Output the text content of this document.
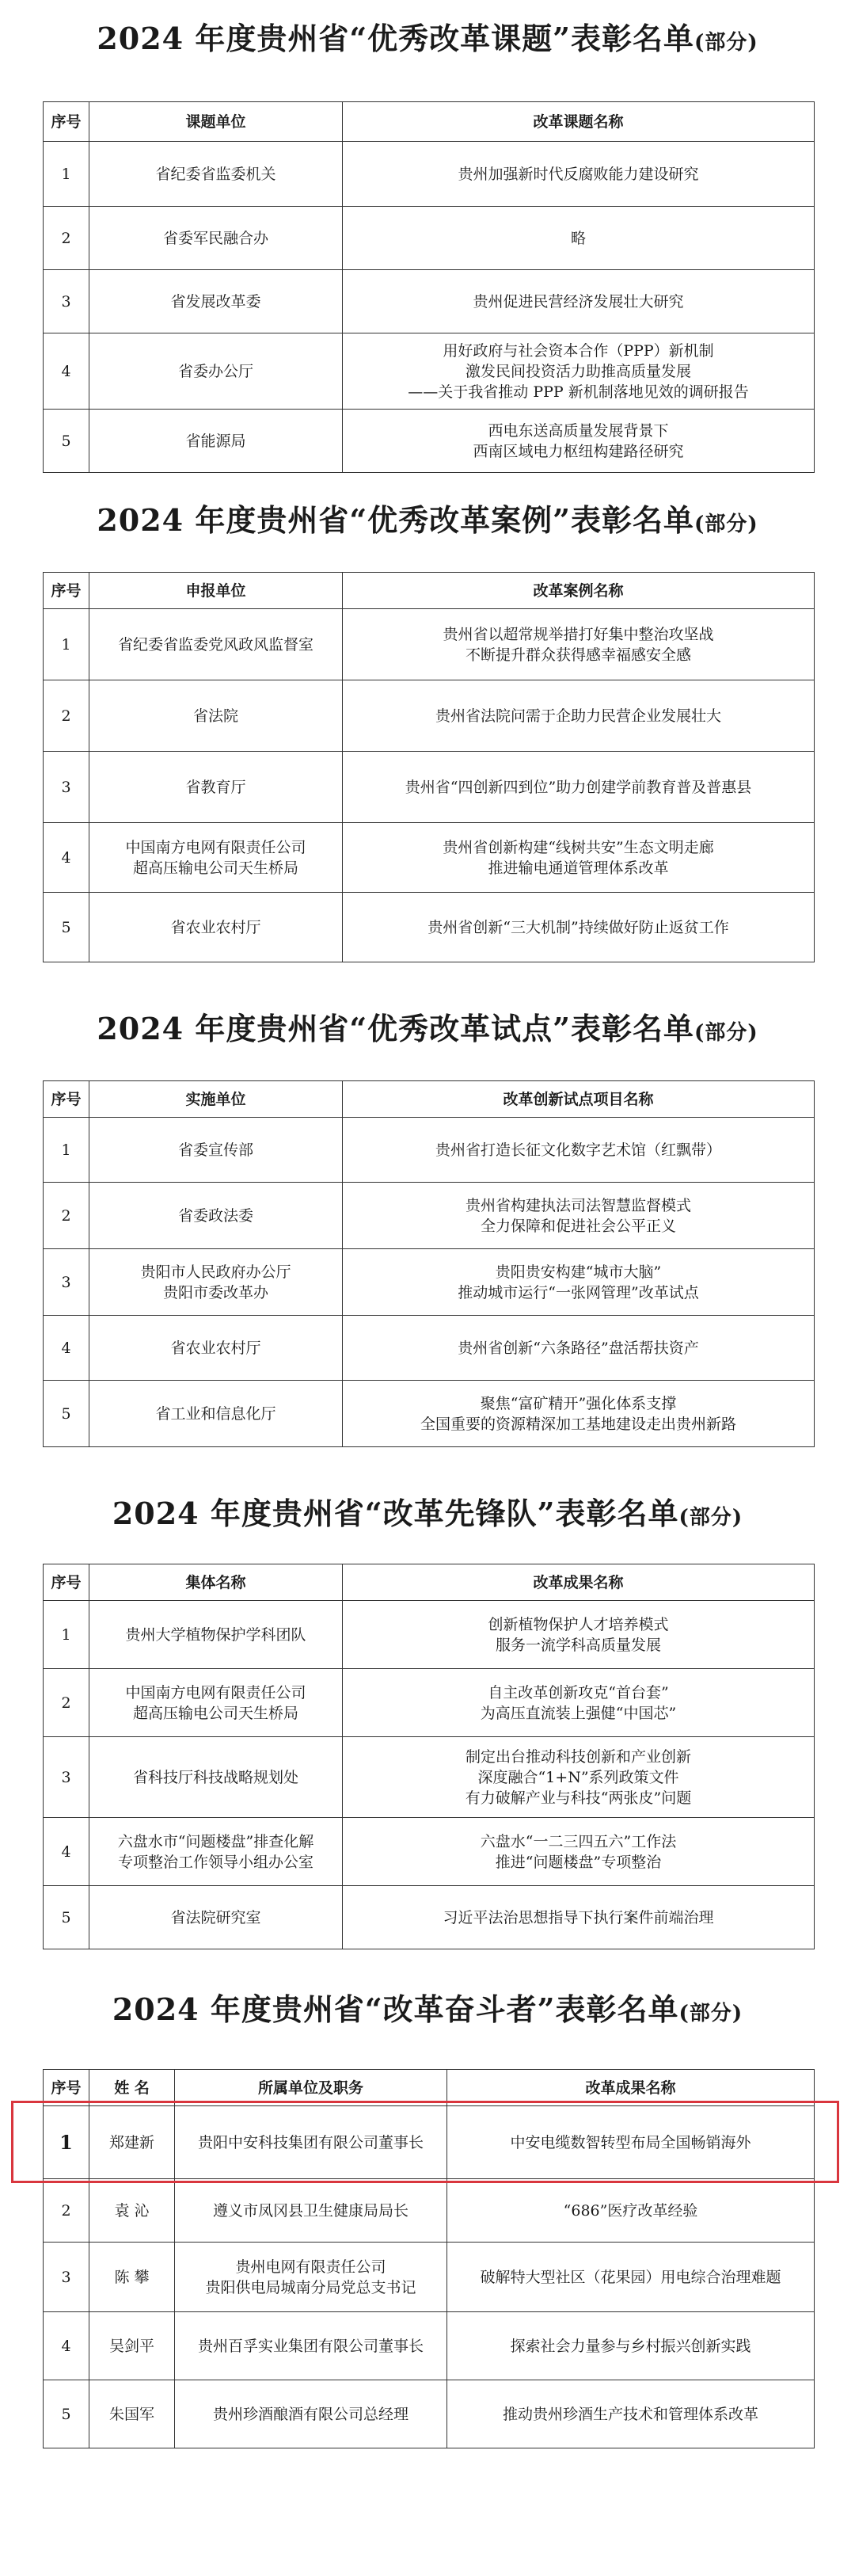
2024 年度贵州省“优秀改革课题”表彰名单(部分)
序号	课题单位	改革课题名称
1	省纪委省监委机关	贵州加强新时代反腐败能力建设研究

2	省委军民融合办	略

3	省发展改革委	贵州促进民营经济发展壮大研究

4	省委办公厅	用好政府与社会资本合作（PPP）新机制
激发民间投资活力助推高质量发展
——关于我省推动 PPP 新机制落地见效的调研报告

5	省能源局	西电东送高质量发展背景下
西南区域电力枢纽构建路径研究
2024 年度贵州省“优秀改革案例”表彰名单(部分)
序号	申报单位	改革案例名称
1	省纪委省监委党风政风监督室	贵州省以超常规举措打好集中整治攻坚战
不断提升群众获得感幸福感安全感

2	省法院	贵州省法院问需于企助力民营企业发展壮大

3	省教育厅	贵州省“四创新四到位”助力创建学前教育普及普惠县

4	中国南方电网有限责任公司
超高压输电公司天生桥局	贵州省创新构建“线树共安”生态文明走廊
推进输电通道管理体系改革

5	省农业农村厅	贵州省创新“三大机制”持续做好防止返贫工作
2024 年度贵州省“优秀改革试点”表彰名单(部分)
序号	实施单位	改革创新试点项目名称
1	省委宣传部	贵州省打造长征文化数字艺术馆（红飘带）

2	省委政法委	贵州省构建执法司法智慧监督模式
全力保障和促进社会公平正义

3	贵阳市人民政府办公厅
贵阳市委改革办	贵阳贵安构建“城市大脑”
推动城市运行“一张网管理”改革试点

4	省农业农村厅	贵州省创新“六条路径”盘活帮扶资产

5	省工业和信息化厅	聚焦“富矿精开”强化体系支撑
全国重要的资源精深加工基地建设走出贵州新路
2024 年度贵州省“改革先锋队”表彰名单(部分)
序号	集体名称	改革成果名称
1	贵州大学植物保护学科团队	创新植物保护人才培养模式
服务一流学科高质量发展

2	中国南方电网有限责任公司
超高压输电公司天生桥局	自主改革创新攻克“首台套”
为高压直流装上强健“中国芯”

3	省科技厅科技战略规划处	制定出台推动科技创新和产业创新
深度融合“1+N”系列政策文件
有力破解产业与科技“两张皮”问题

4	六盘水市“问题楼盘”排查化解
专项整治工作领导小组办公室	六盘水“一二三四五六”工作法
推进“问题楼盘”专项整治

5	省法院研究室	习近平法治思想指导下执行案件前端治理
2024 年度贵州省“改革奋斗者”表彰名单(部分)
序号	姓 名	所属单位及职务	改革成果名称
1	郑建新	贵阳中安科技集团有限公司董事长	中安电缆数智转型布局全国畅销海外

2	袁 沁	遵义市凤冈县卫生健康局局长	“686”医疗改革经验

3	陈 攀	贵州电网有限责任公司
贵阳供电局城南分局党总支书记	破解特大型社区（花果园）用电综合治理难题

4	吴剑平	贵州百孚实业集团有限公司董事长	探索社会力量参与乡村振兴创新实践

5	朱国军	贵州珍酒酿酒有限公司总经理	推动贵州珍酒生产技术和管理体系改革
